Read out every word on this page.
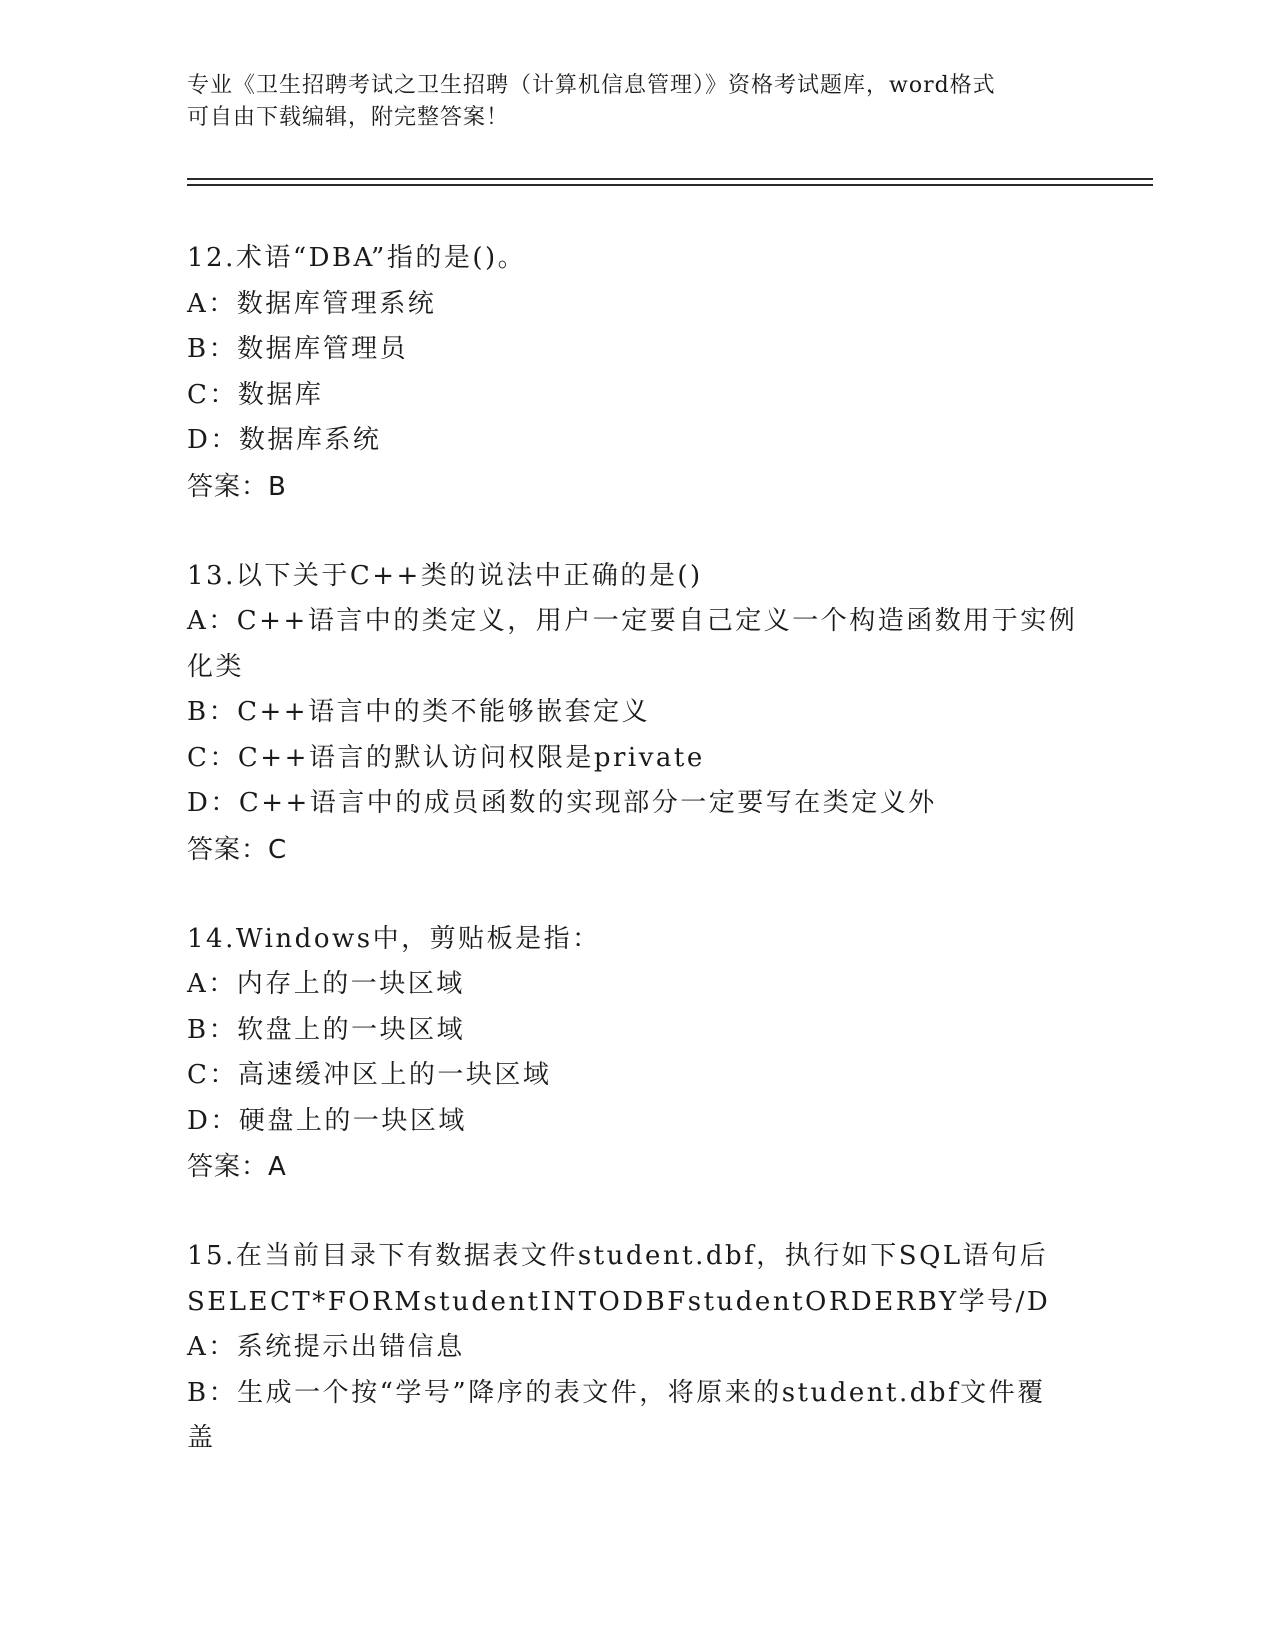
专业《卫生招聘考试之卫生招聘（计算机信息管理）》资格考试题库，word格式
可自由下载编辑，附完整答案！
12.术语“DBA”指的是()。
A：数据库管理系统
B：数据库管理员
C：数据库
D：数据库系统
答案：B
13.以下关于C++类的说法中正确的是()
A：C++语言中的类定义，用户一定要自己定义一个构造函数用于实例
化类
B：C++语言中的类不能够嵌套定义
C：C++语言的默认访问权限是private
D：C++语言中的成员函数的实现部分一定要写在类定义外
答案：C
14.Windows中，剪贴板是指：
A：内存上的一块区域
B：软盘上的一块区域
C：高速缓冲区上的一块区域
D：硬盘上的一块区域
答案：A
15.在当前目录下有数据表文件student.dbf，执行如下SQL语句后
SELECT*FORMstudentINTODBFstudentORDERBY学号/D
A：系统提示出错信息
B：生成一个按“学号”降序的表文件，将原来的student.dbf文件覆
盖
